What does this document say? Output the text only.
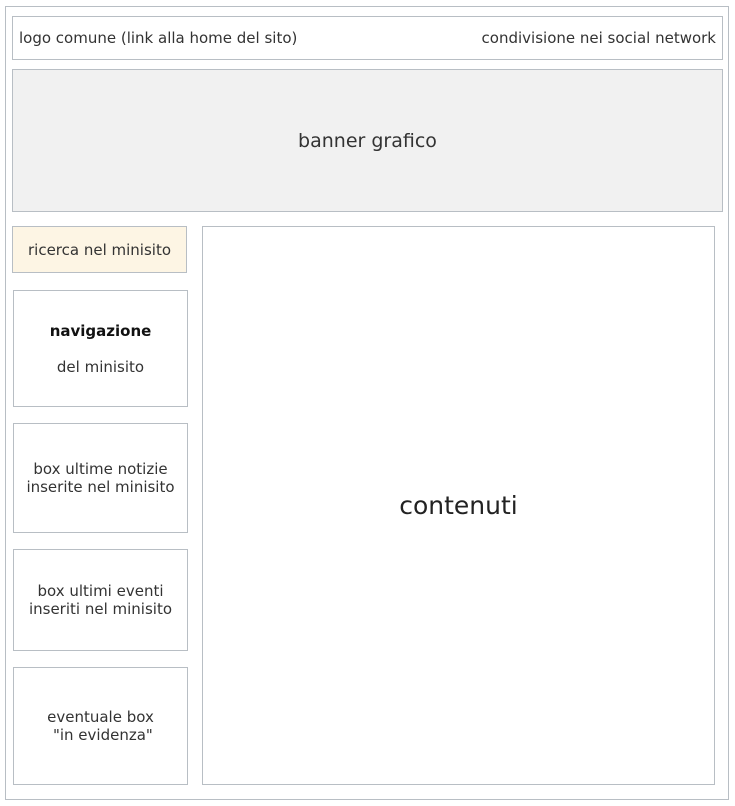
logo comune (link alla home del sito)	condivisione nei social network
banner grafico
ricerca nel minisito
navigazione
del minisito
box ultime notizie
inserite nel minisito
box ultimi eventi
inseriti nel minisito
eventuale box
"in evidenza"
contenuti
